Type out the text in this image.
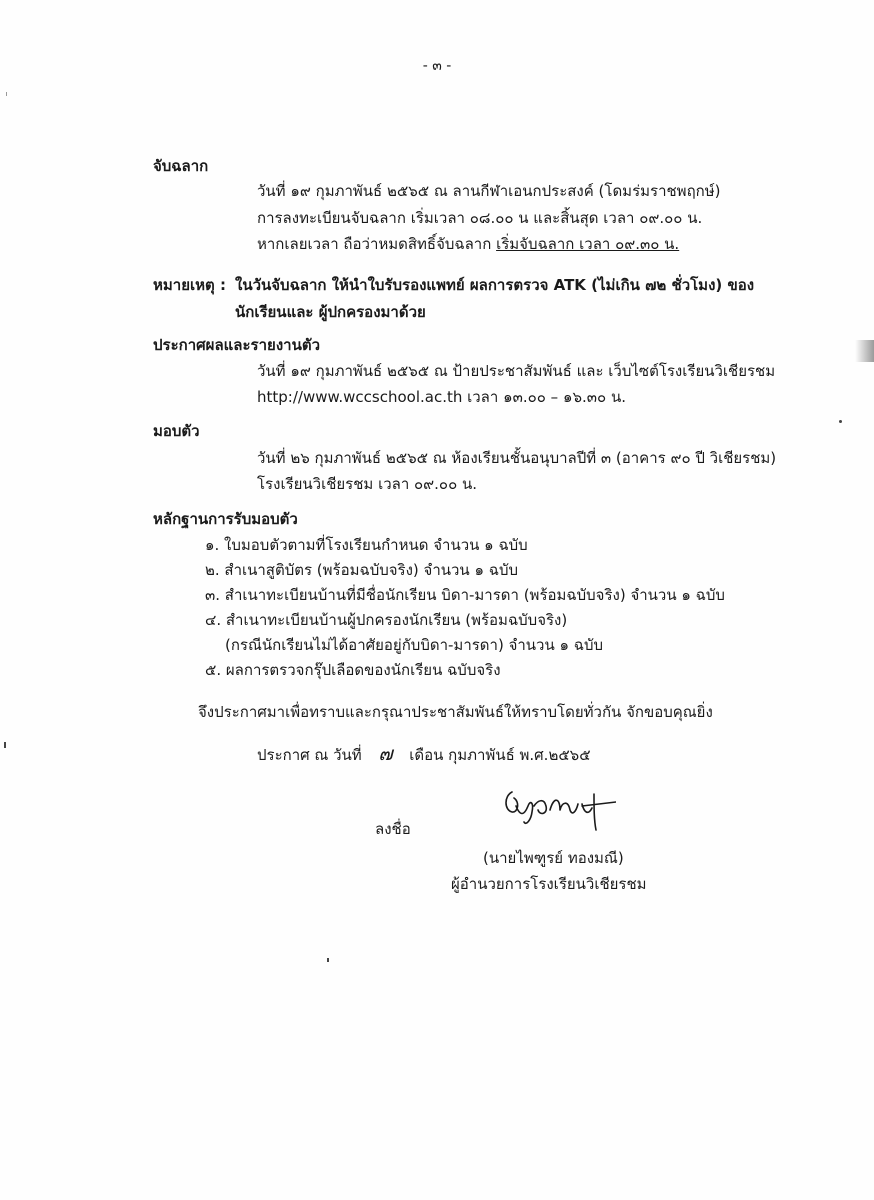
- ๓ -
จับฉลาก
วันที่ ๑๙ กุมภาพันธ์ ๒๕๖๕ ณ ลานกีฬาเอนกประสงค์ (โดมร่มราชพฤกษ์)
การลงทะเบียนจับฉลาก เริ่มเวลา ๐๘.๐๐ น และสิ้นสุด เวลา ๐๙.๐๐ น.
หากเลยเวลา ถือว่าหมดสิทธิ์จับฉลาก เริ่มจับฉลาก เวลา ๐๙.๓๐ น.
หมายเหตุ : ในวันจับฉลาก ให้นำใบรับรองแพทย์ ผลการตรวจ ATK (ไม่เกิน ๗๒ ชั่วโมง) ของ
นักเรียนและ ผู้ปกครองมาด้วย
ประกาศผลและรายงานตัว
วันที่ ๑๙ กุมภาพันธ์ ๒๕๖๕ ณ ป้ายประชาสัมพันธ์ และ เว็บไซต์โรงเรียนวิเชียรชม
http://www.wccschool.ac.th เวลา ๑๓.๐๐ – ๑๖.๓๐ น.
มอบตัว
วันที่ ๒๖ กุมภาพันธ์ ๒๕๖๕ ณ ห้องเรียนชั้นอนุบาลปีที่ ๓ (อาคาร ๙๐ ปี วิเชียรชม)
โรงเรียนวิเชียรชม เวลา ๐๙.๐๐ น.
หลักฐานการรับมอบตัว
๑. ใบมอบตัวตามที่โรงเรียนกำหนด จำนวน ๑ ฉบับ
๒. สำเนาสูติบัตร (พร้อมฉบับจริง) จำนวน ๑ ฉบับ
๓. สำเนาทะเบียนบ้านที่มีชื่อนักเรียน บิดา-มารดา (พร้อมฉบับจริง) จำนวน ๑ ฉบับ
๔. สำเนาทะเบียนบ้านผู้ปกครองนักเรียน (พร้อมฉบับจริง)
(กรณีนักเรียนไม่ได้อาศัยอยู่กับบิดา-มารดา) จำนวน ๑ ฉบับ
๕. ผลการตรวจกรุ๊ปเลือดของนักเรียน ฉบับจริง
จึงประกาศมาเพื่อทราบและกรุณาประชาสัมพันธ์ให้ทราบโดยทั่วกัน จักขอบคุณยิ่ง
ประกาศ ณ วันที่ ๗ เดือน กุมภาพันธ์ พ.ศ.๒๕๖๕
ลงชื่อ
(นายไพฑูรย์ ทองมณี)
ผู้อำนวยการโรงเรียนวิเชียรชม
